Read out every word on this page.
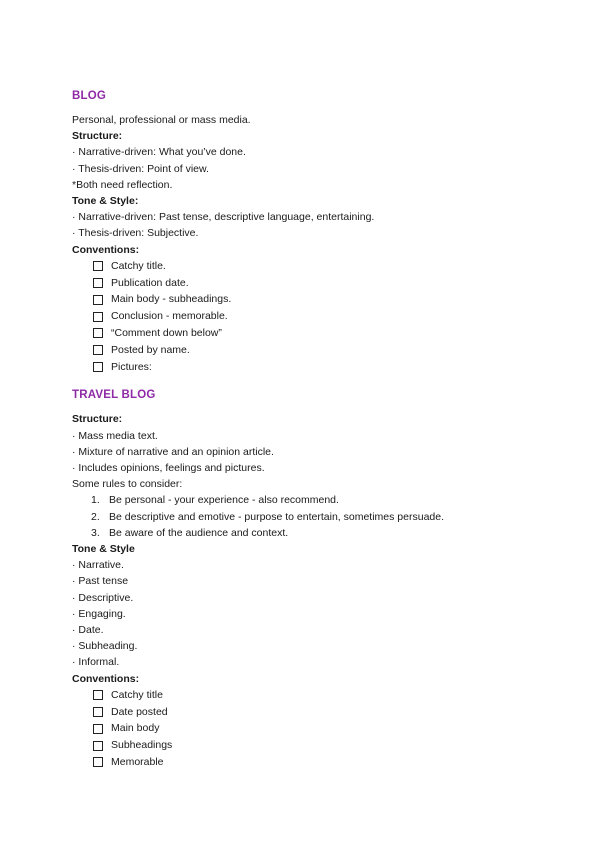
BLOG
Personal, professional or mass media.
Structure:
· Narrative-driven: What you’ve done.
· Thesis-driven: Point of view.
*Both need reflection.
Tone & Style:
· Narrative-driven: Past tense, descriptive language, entertaining.
· Thesis-driven: Subjective.
Conventions:
Catchy title.
Publication date.
Main body - subheadings.
Conclusion - memorable.
“Comment down below”
Posted by name.
Pictures:
TRAVEL BLOG
Structure:
· Mass media text.
· Mixture of narrative and an opinion article.
· Includes opinions, feelings and pictures.
Some rules to consider:
1. Be personal - your experience - also recommend.
2. Be descriptive and emotive - purpose to entertain, sometimes persuade.
3. Be aware of the audience and context.
Tone & Style
· Narrative.
· Past tense
· Descriptive.
· Engaging.
· Date.
· Subheading.
· Informal.
Conventions:
Catchy title
Date posted
Main body
Subheadings
Memorable
